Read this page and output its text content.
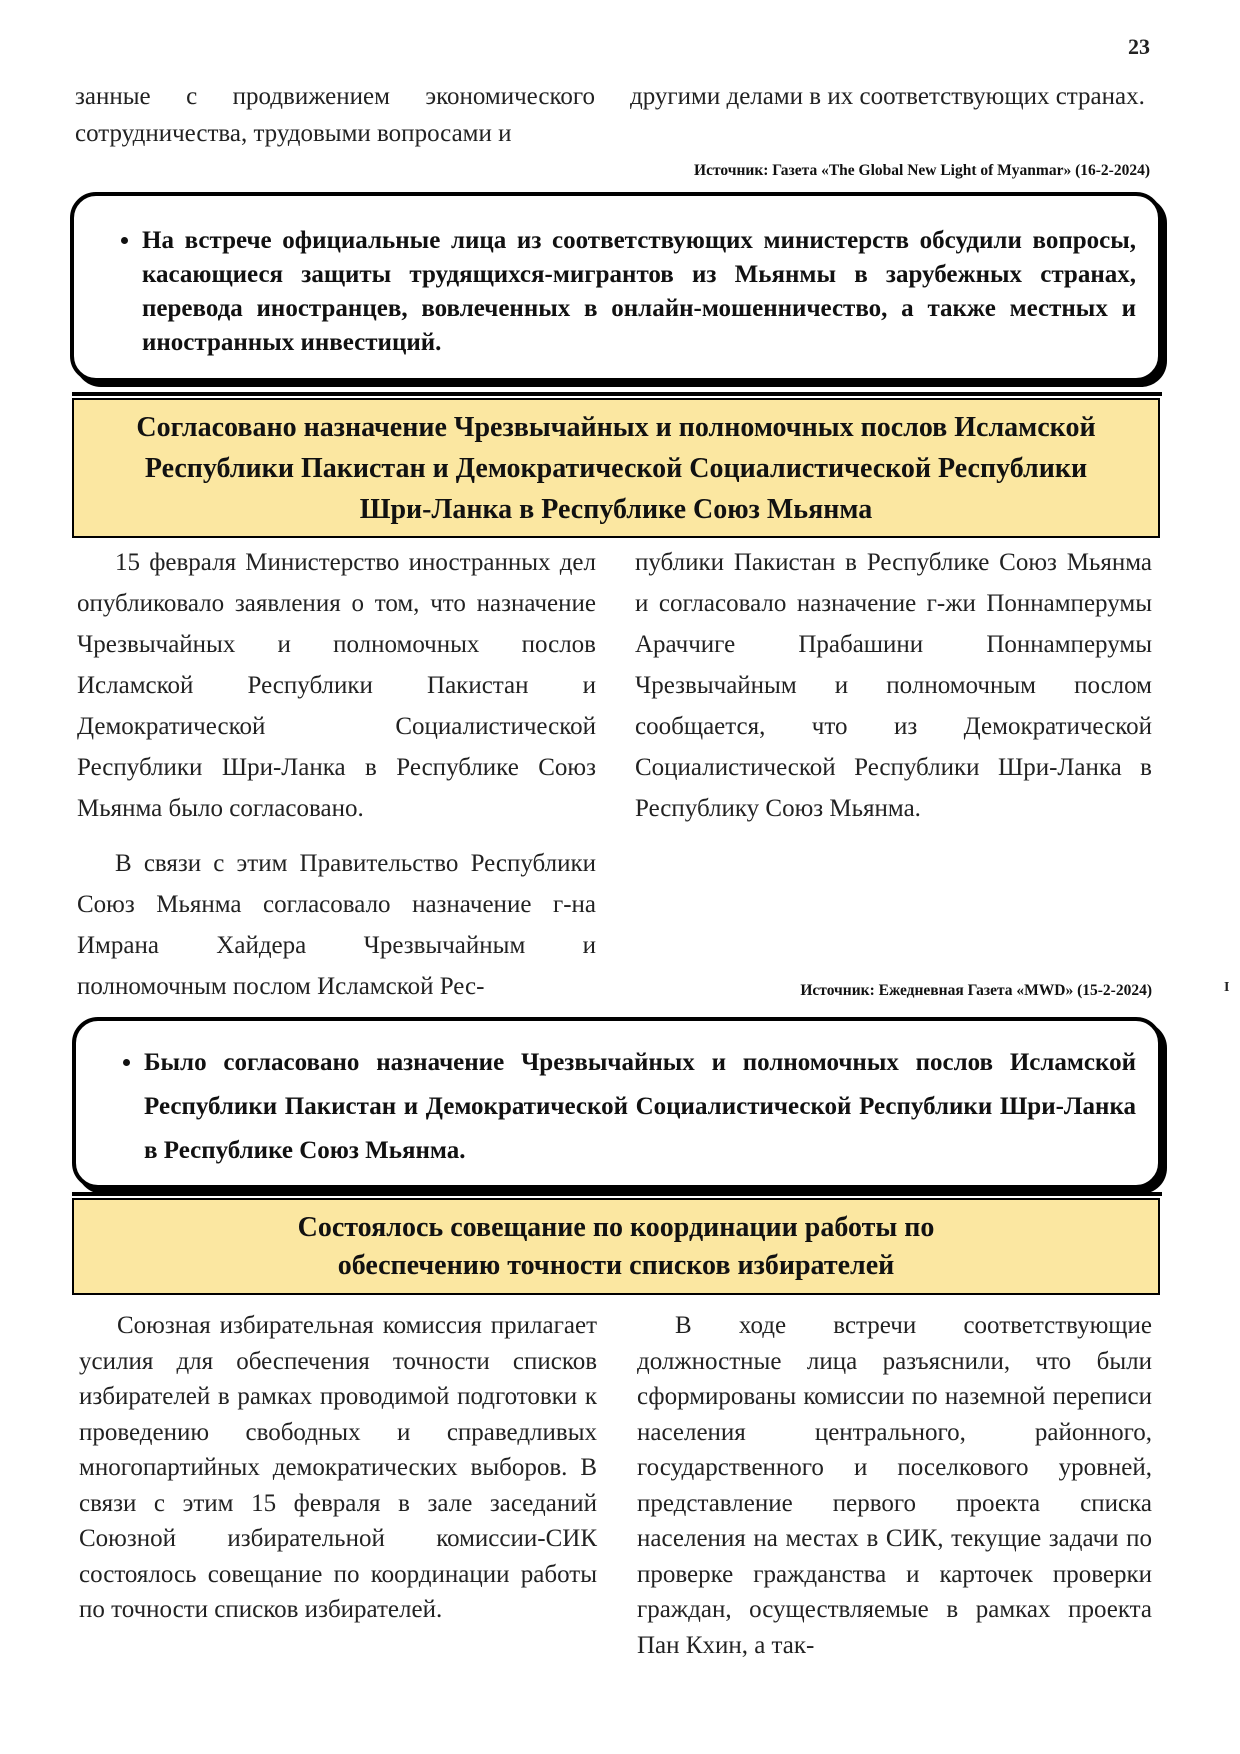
23

занные с продвижением экономического сотрудничества, трудовыми вопросами и

другими делами в их соответствующих странах.

Источник: Газета «The Global New Light of Myanmar» (16-2-2024)
• На встрече официальные лица из соответствующих министерств обсудили вопросы, касающиеся защиты трудящихся-мигрантов из Мьянмы в зарубежных странах, перевода иностранцев, вовлеченных в онлайн-мошенничество, а также местных и иностранных инвестиций.
Согласовано назначение Чрезвычайных и полномочных послов Исламской Республики Пакистан и Демократической Социалистической Республики Шри-Ланка в Республике Союз Мьянма

15 февраля Министерство иностранных дел опубликовало заявления о том, что назначение Чрезвычайных и полномочных послов Исламской Республики Пакистан и Демократической Социалистической Республики Шри-Ланка в Республике Союз Мьянма было согласовано.

В связи с этим Правительство Республики Союз Мьянма согласовало назначение г-на Имрана Хайдера Чрезвычайным и полномочным послом Исламской Рес-

публики Пакистан в Республике Союз Мьянма и согласовало назначение г-жи Поннамперумы Араччиге Прабашини Поннамперумы Чрезвычайным и полномочным послом сообщается, что из Демократической Социалистической Республики Шри-Ланка в Республику Союз Мьянма.

Источник: Ежедневная Газета «MWD» (15-2-2024)	I
• Было согласовано назначение Чрезвычайных и полномочных послов Исламской Республики Пакистан и Демократической Социалистической Республики Шри-Ланка в Республике Союз Мьянма.
Состоялось совещание по координации работы по обеспечению точности списков избирателей

Союзная избирательная комиссия прилагает усилия для обеспечения точности списков избирателей в рамках проводимой подготовки к проведению свободных и справедливых многопартийных демократических выборов. В связи с этим 15 февраля в зале заседаний Союзной избирательной комиссии-СИК состоялось совещание по координации работы по точности списков избирателей.

В ходе встречи соответствующие должностные лица разъяснили, что были сформированы комиссии по наземной переписи населения центрального, районного, государственного и поселкового уровней, представление первого проекта списка населения на местах в СИК, текущие задачи по проверке гражданства и карточек проверки граждан, осуществляемые в рамках проекта Пан Кхин, а так-
